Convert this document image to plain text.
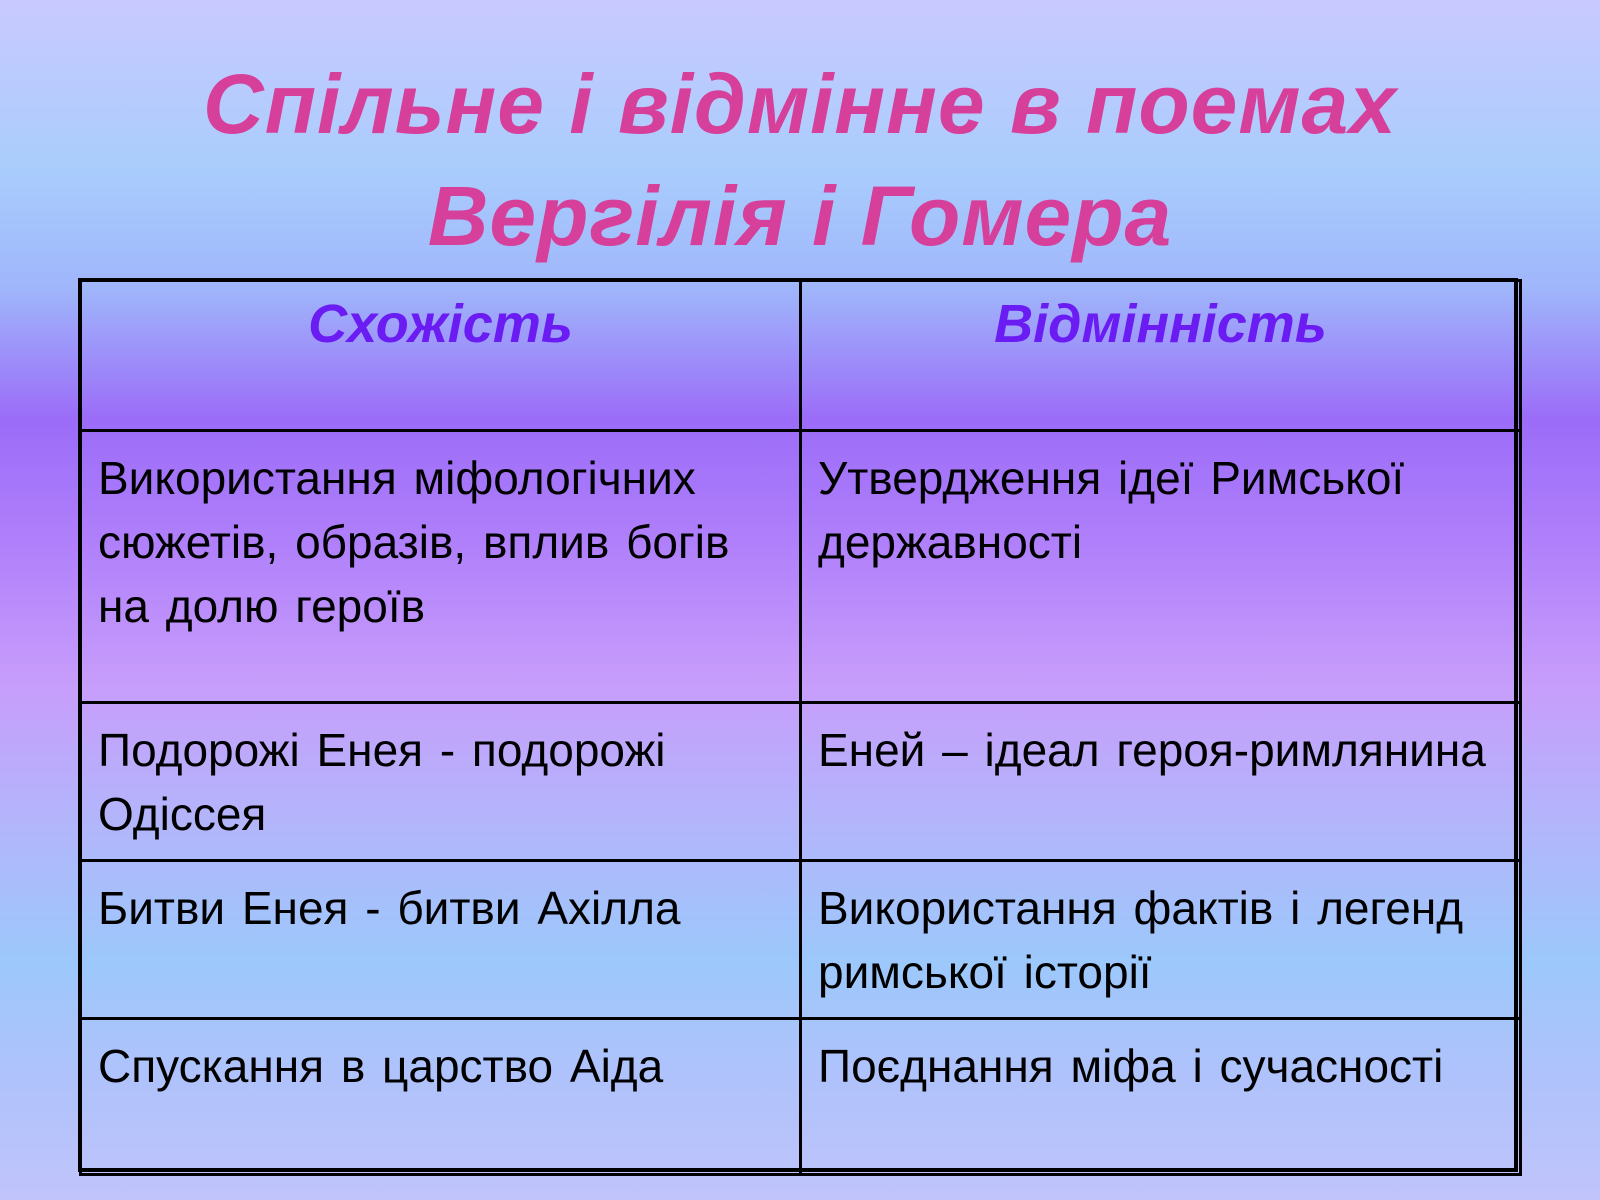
Спільне і відмінне в поемах
Вергілія і Гомера
Схожість	Відмінність
Використання міфологічних сюжетів, образів, вплив богів на долю героїв	Утвердження ідеї Римської державності
Подорожі Енея - подорожі Одіссея	Еней – ідеал героя-римлянина
Битви Енея - битви Ахілла	Використання фактів і легенд римської історії
Спускання в царство Аіда	Поєднання міфа і сучасності
